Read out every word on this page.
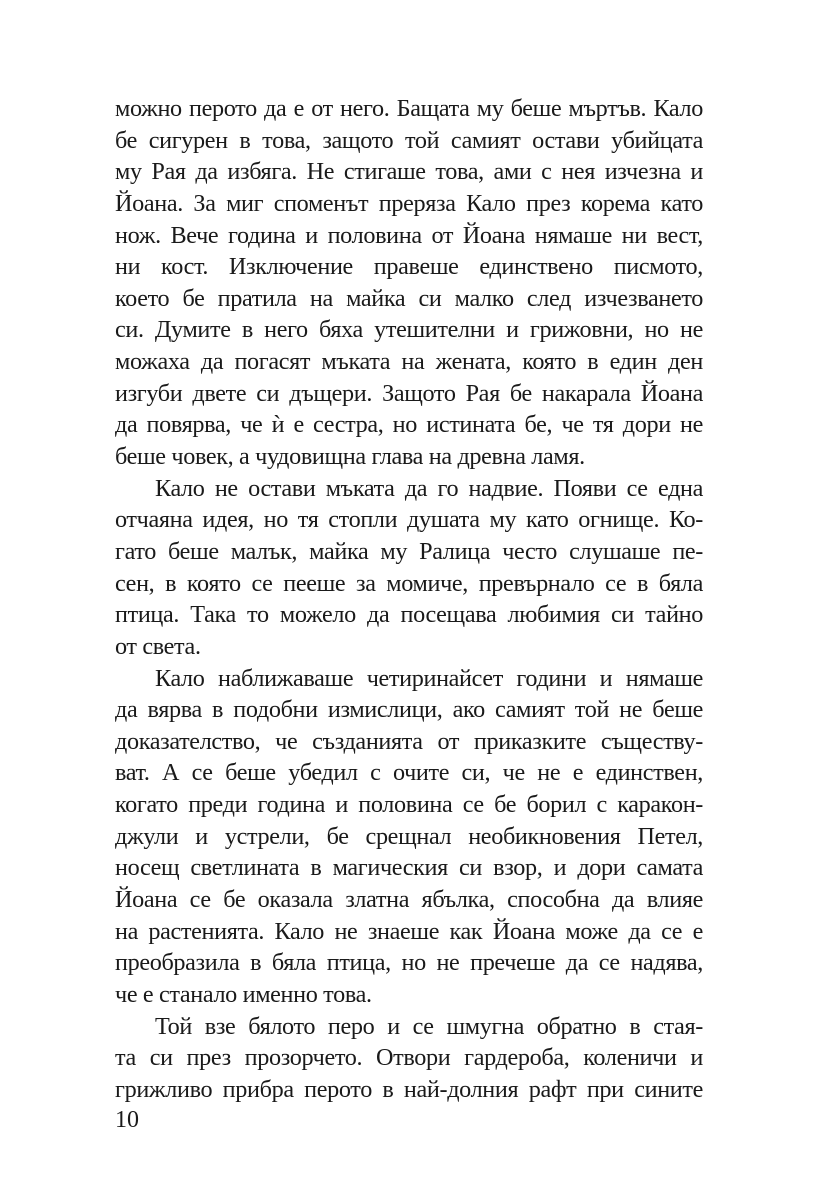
можно перото да е от него. Бащата му беше мъртъв. Кало
бе сигурен в това, защото той самият остави убийцата
му Рая да избяга. Не стигаше това, ами с нея изчезна и
Йоана. За миг споменът преряза Кало през корема като
нож. Вече година и половина от Йоана нямаше ни вест,
ни кост. Изключение правеше единствено писмото,
което бе пратила на майка си малко след изчезването
си. Думите в него бяха утешителни и грижовни, но не
можаха да погасят мъката на жената, която в един ден
изгуби двете си дъщери. Защото Рая бе накарала Йоана
да повярва, че ѝ е сестра, но истината бе, че тя дори не
беше човек, а чудовищна глава на древна ламя.
Кало не остави мъката да го надвие. Появи се една
отчаяна идея, но тя стопли душата му като огнище. Ко-
гато беше малък, майка му Ралица често слушаше пе-
сен, в която се пееше за момиче, превърнало се в бяла
птица. Така то можело да посещава любимия си тайно
от света.
Кало наближаваше четиринайсет години и нямаше
да вярва в подобни измислици, ако самият той не беше
доказателство, че създанията от приказките съществу-
ват. А се беше убедил с очите си, че не е единствен,
когато преди година и половина се бе борил с каракон-
джули и устрели, бе срещнал необикновения Петел,
носещ светлината в магическия си взор, и дори самата
Йоана се бе оказала златна ябълка, способна да влияе
на растенията. Кало не знаеше как Йоана може да се е
преобразила в бяла птица, но не пречеше да се надява,
че е станало именно това.
Той взе бялото перо и се шмугна обратно в стая-
та си през прозорчето. Отвори гардероба, коленичи и
грижливо прибра перото в най-долния рафт при сините
10
